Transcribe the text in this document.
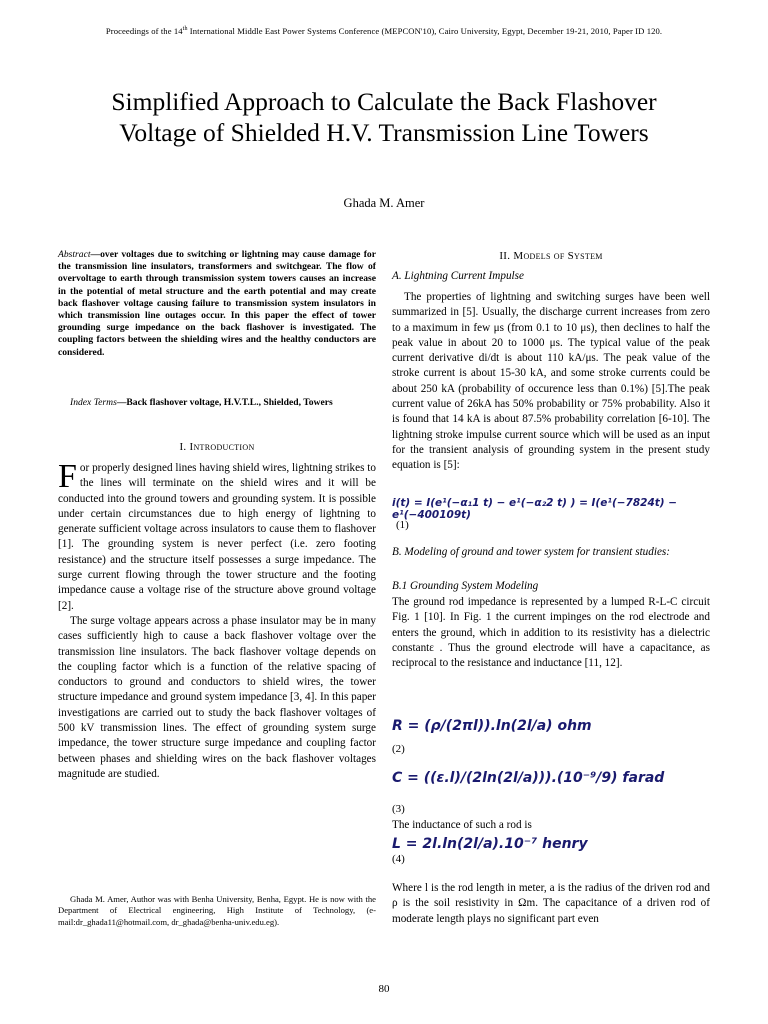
Proceedings of the 14th International Middle East Power Systems Conference (MEPCON'10), Cairo University, Egypt, December 19-21, 2010, Paper ID 120.
Simplified Approach to Calculate the Back Flashover Voltage of Shielded H.V. Transmission Line Towers
Ghada M. Amer
Abstract—over voltages due to switching or lightning may cause damage for the transmission line insulators, transformers and switchgear. The flow of overvoltage to earth through transmission system towers causes an increase in the potential of metal structure and the earth potential and may create back flashover voltage causing failure to transmission system insulators in which transmission line outages occur. In this paper the effect of tower grounding surge impedance on the back flashover is investigated. The coupling factors between the shielding wires and the healthy conductors are considered.
Index Terms—Back flashover voltage, H.V.T.L., Shielded, Towers
I. Introduction

For properly designed lines having shield wires, lightning strikes to the lines will terminate on the shield wires and it will be conducted into the ground towers and grounding system. It is possible under certain circumstances due to high energy of lightning to generate sufficient voltage across insulators to cause them to flashover [1]. The grounding system is never perfect (i.e. zero footing resistance) and the structure itself possesses a surge impedance. The surge current flowing through the tower structure and the footing impedance cause a voltage rise of the structure above ground voltage [2].

The surge voltage appears across a phase insulator may be in many cases sufficiently high to cause a back flashover voltage over the transmission line insulators. The back flashover voltage depends on the coupling factor which is a function of the relative spacing of conductors to ground and conductors to shield wires, the tower structure impedance and ground system impedance [3, 4]. In this paper investigations are carried out to study the back flashover voltages of 500 kV transmission lines. The effect of grounding system surge impedance, the tower structure surge impedance and coupling factor between phases and shielding wires on the back flashover voltages magnitude are studied.

Ghada M. Amer, Author was with Benha University, Benha, Egypt. He is now with the Department of Electrical engineering, High Institute of Technology, (e-mail:dr_ghada11@hotmail.com, dr_ghada@benha-univ.edu.eg).
II. Models of System
A. Lightning Current Impulse

The properties of lightning and switching surges have been well summarized in [5]. Usually, the discharge current increases from zero to a maximum in few μs (from 0.1 to 10 μs), then declines to half the peak value in about 20 to 1000 μs. The typical value of the peak current derivative di/dt is about 110 kA/μs. The peak value of the stroke current is about 15-30 kA, and some stroke currents could be about 250 kA (probability of occurence less than 0.1%) [5].The peak current value of 26kA has 50% probability or 75% probability. Also it is found that 14 kA is about 87.5% probability correlation [6-10]. The lightning stroke impulse current source which will be used as an input for the transient analysis of grounding system in the present study equation is [5]:

i(t) = I(e¹(−α₁1 t) − e¹(−α₂2 t) ) = I(e¹(−7824t) − e¹(−400109t)
(1)
B. Modeling of ground and tower system for transient studies:
B.1 Grounding System Modeling

The ground rod impedance is represented by a lumped R-L-C circuit Fig. 1 [10]. In Fig. 1 the current impinges on the rod electrode and enters the ground, which in addition to its resistivity has a dielectric constantε . Thus the ground electrode will have a capacitance, as reciprocal to the resistance and inductance [11, 12].

R = (ρ/(2πl)).ln(2l/a) ohm
(2)
C = ((ε.l)/(2ln(2l/a))).(10⁻⁹/9) farad
(3)
The inductance of such a rod is
L = 2l.ln(2l/a).10⁻⁷ henry
(4)

Where l is the rod length in meter, a is the radius of the driven rod and ρ is the soil resistivity in Ωm. The capacitance of a driven rod of moderate length plays no significant part even

80
